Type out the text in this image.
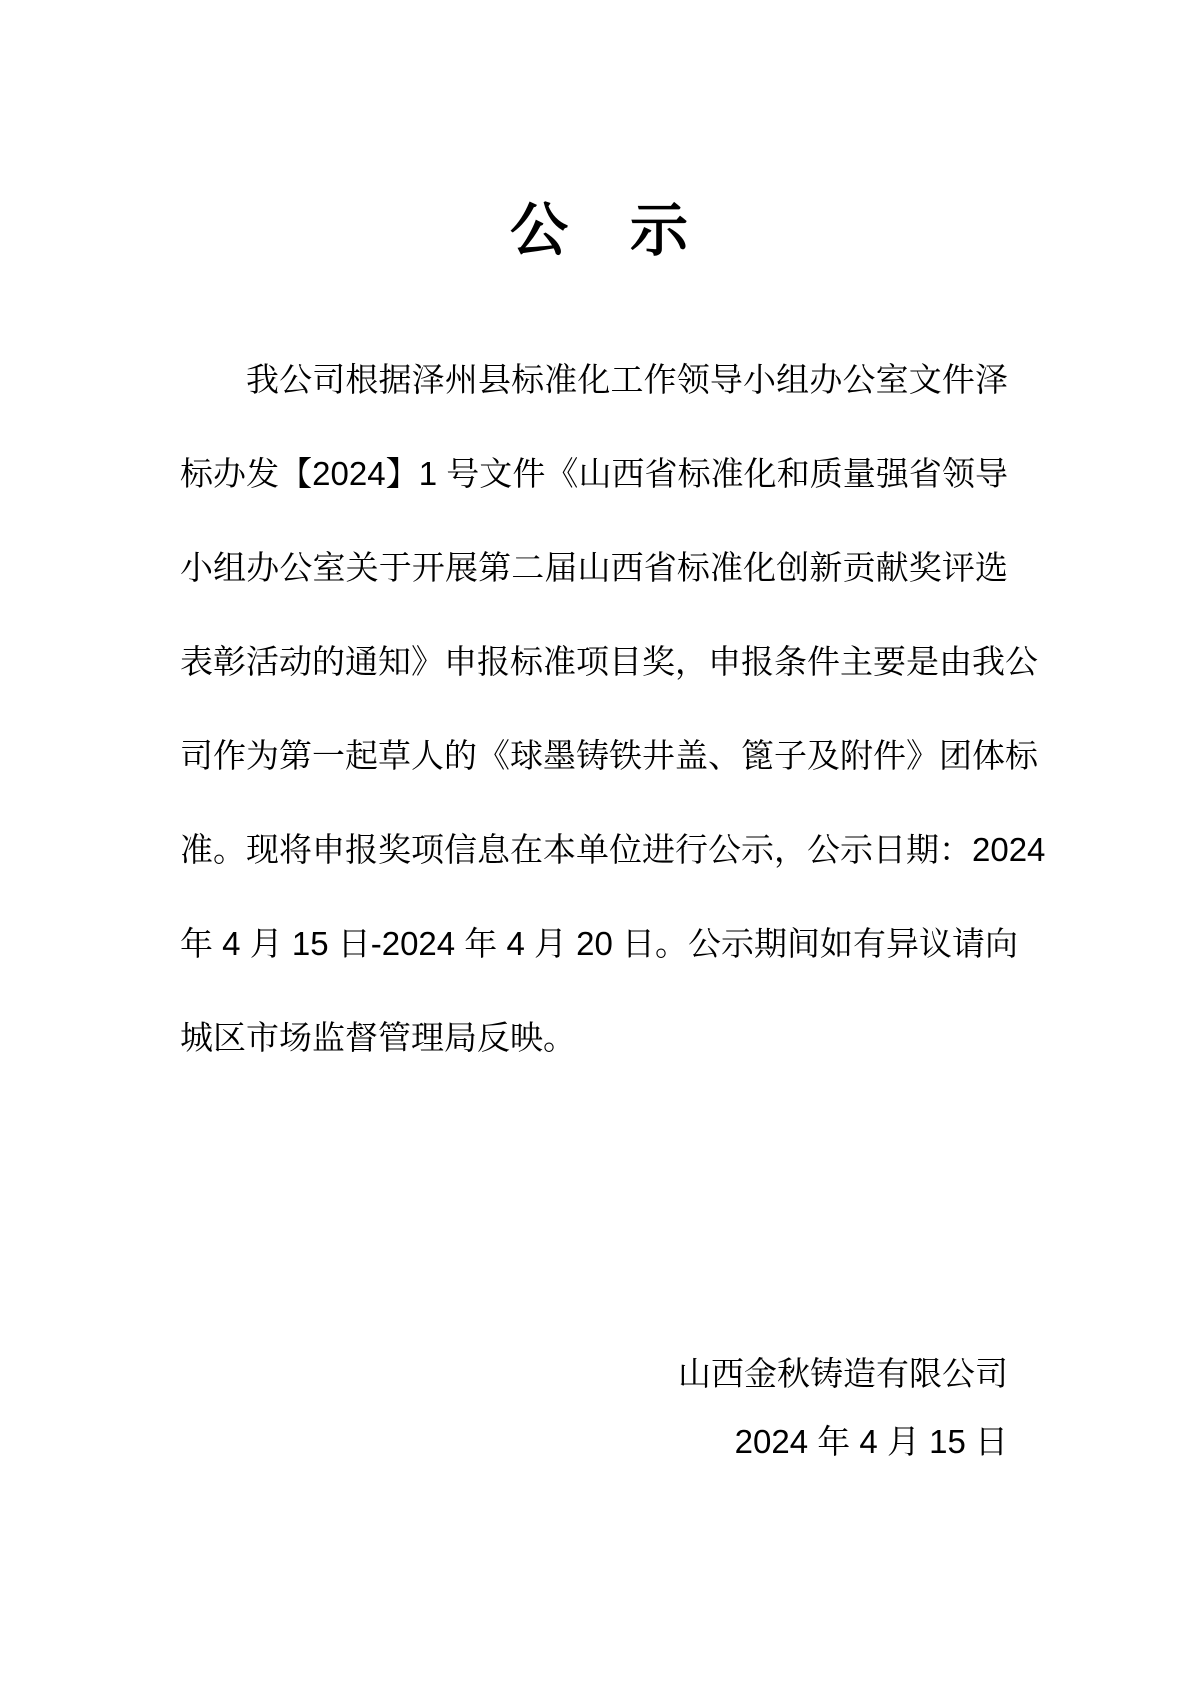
公　示
我公司根据泽州县标准化工作领导小组办公室文件泽
标办发【2024】1 号文件《山西省标准化和质量强省领导
小组办公室关于开展第二届山西省标准化创新贡献奖评选
表彰活动的通知》申报标准项目奖，申报条件主要是由我公
司作为第一起草人的《球墨铸铁井盖、篦子及附件》团体标
准。现将申报奖项信息在本单位进行公示，公示日期：2024
年 4 月 15 日-2024 年 4 月 20 日。公示期间如有异议请向
城区市场监督管理局反映。
山西金秋铸造有限公司
2024 年 4 月 15 日
